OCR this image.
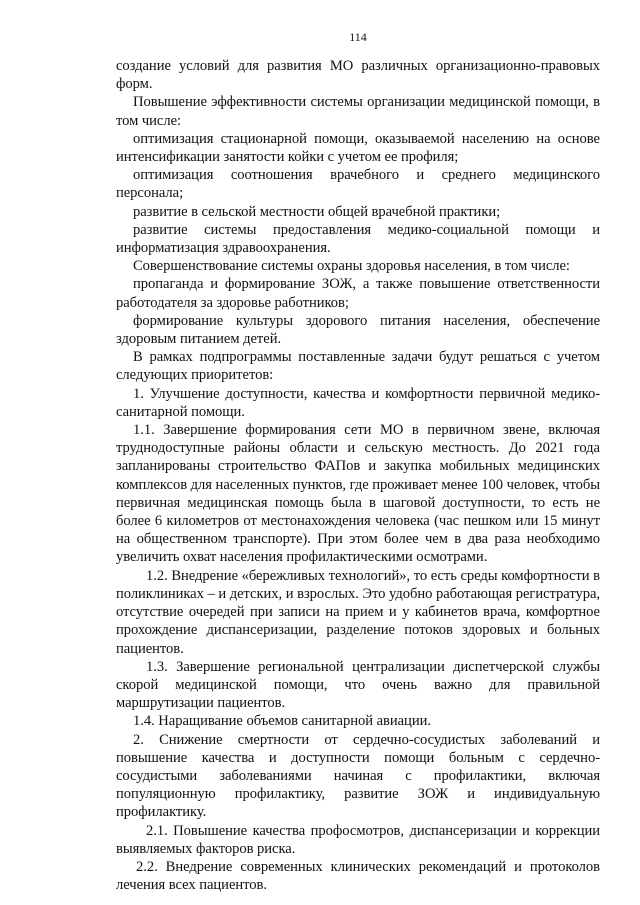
114

создание условий для развития МО различных организационно-правовых форм.

Повышение эффективности системы организации медицинской помощи, в том числе:

оптимизация стационарной помощи, оказываемой населению на основе интенсификации занятости койки с учетом ее профиля;

оптимизация соотношения врачебного и среднего медицинского персонала;

развитие в сельской местности общей врачебной практики;

развитие системы предоставления медико-социальной помощи и информатизация здравоохранения.

Совершенствование системы охраны здоровья населения, в том числе:

пропаганда и формирование ЗОЖ, а также повышение ответственности работодателя за здоровье работников;

формирование культуры здорового питания населения, обеспечение здоровым питанием детей.

В рамках подпрограммы поставленные задачи будут решаться с учетом следующих приоритетов:

1. Улучшение доступности, качества и комфортности первичной медико-санитарной помощи.

1.1. Завершение формирования сети МО в первичном звене, включая труднодоступные районы области и сельскую местность. До 2021 года запланированы строительство ФАПов и закупка мобильных медицинских комплексов для населенных пунктов, где проживает менее 100 человек, чтобы первичная медицинская помощь была в шаговой доступности, то есть не более 6 километров от местонахождения человека (час пешком или 15 минут на общественном транспорте). При этом более чем в два раза необходимо увеличить охват населения профилактическими осмотрами.

1.2. Внедрение «бережливых технологий», то есть среды комфортности в поликлиниках – и детских, и взрослых. Это удобно работающая регистратура, отсутствие очередей при записи на прием и у кабинетов врача, комфортное прохождение диспансеризации, разделение потоков здоровых и больных пациентов.

1.3. Завершение региональной централизации диспетчерской службы скорой медицинской помощи, что очень важно для правильной маршрутизации пациентов.

1.4. Наращивание объемов санитарной авиации.

2. Снижение смертности от сердечно-сосудистых заболеваний и повышение качества и доступности помощи больным с сердечно-сосудистыми заболеваниями начиная с профилактики, включая популяционную профилактику, развитие ЗОЖ и индивидуальную профилактику.

2.1. Повышение качества профосмотров, диспансеризации и коррекции выявляемых факторов риска.

2.2. Внедрение современных клинических рекомендаций и протоколов лечения всех пациентов.
